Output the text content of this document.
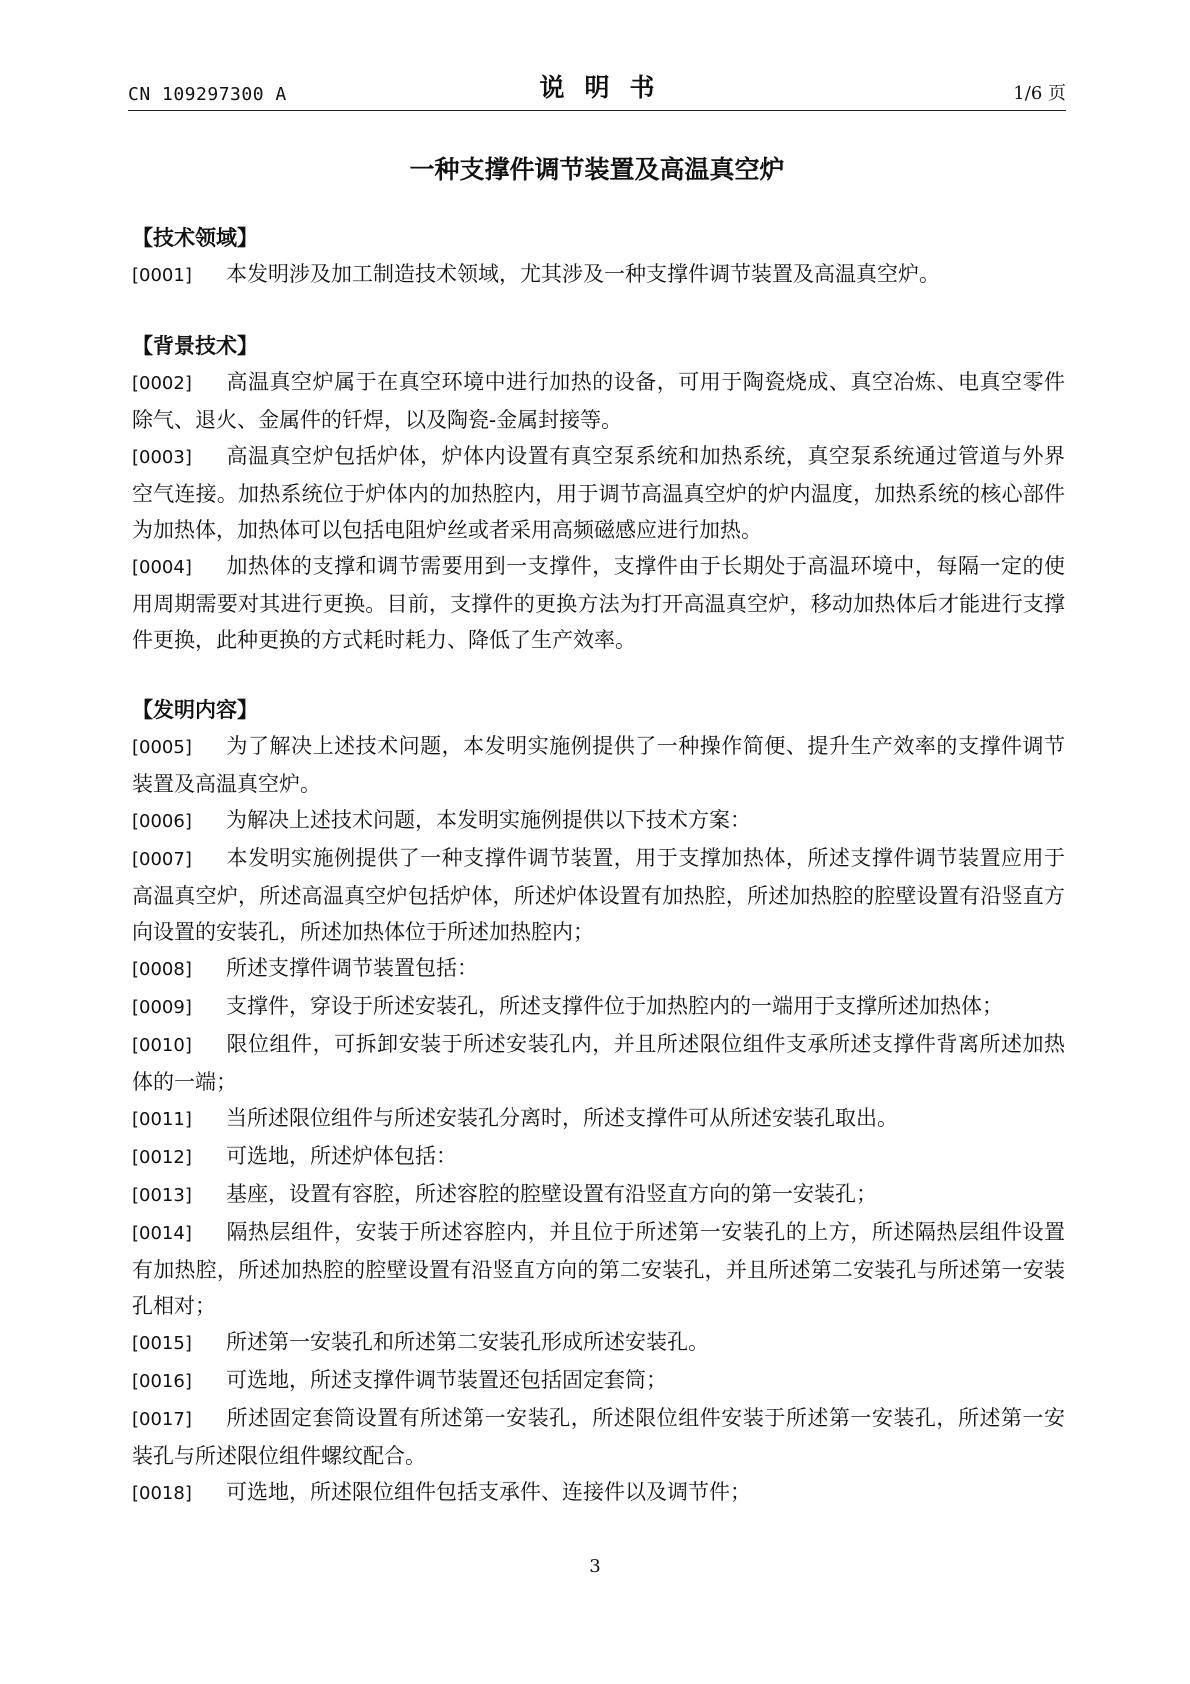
CN 109297300 A	说明书	1/6 页
一种支撑件调节装置及高温真空炉
【技术领域】

[0001] 本发明涉及加工制造技术领域，尤其涉及一种支撑件调节装置及高温真空炉。

【背景技术】

[0002] 高温真空炉属于在真空环境中进行加热的设备，可用于陶瓷烧成、真空冶炼、电真空零件除气、退火、金属件的钎焊，以及陶瓷-金属封接等。

[0003] 高温真空炉包括炉体，炉体内设置有真空泵系统和加热系统，真空泵系统通过管道与外界空气连接。加热系统位于炉体内的加热腔内，用于调节高温真空炉的炉内温度，加热系统的核心部件为加热体，加热体可以包括电阻炉丝或者采用高频磁感应进行加热。

[0004] 加热体的支撑和调节需要用到一支撑件，支撑件由于长期处于高温环境中，每隔一定的使用周期需要对其进行更换。目前，支撑件的更换方法为打开高温真空炉，移动加热体后才能进行支撑件更换，此种更换的方式耗时耗力、降低了生产效率。

【发明内容】

[0005] 为了解决上述技术问题，本发明实施例提供了一种操作简便、提升生产效率的支撑件调节装置及高温真空炉。

[0006] 为解决上述技术问题，本发明实施例提供以下技术方案：

[0007] 本发明实施例提供了一种支撑件调节装置，用于支撑加热体，所述支撑件调节装置应用于高温真空炉，所述高温真空炉包括炉体，所述炉体设置有加热腔，所述加热腔的腔壁设置有沿竖直方向设置的安装孔，所述加热体位于所述加热腔内；

[0008] 所述支撑件调节装置包括：

[0009] 支撑件，穿设于所述安装孔，所述支撑件位于加热腔内的一端用于支撑所述加热体；

[0010] 限位组件，可拆卸安装于所述安装孔内，并且所述限位组件支承所述支撑件背离所述加热体的一端；

[0011] 当所述限位组件与所述安装孔分离时，所述支撑件可从所述安装孔取出。

[0012] 可选地，所述炉体包括：

[0013] 基座，设置有容腔，所述容腔的腔壁设置有沿竖直方向的第一安装孔；

[0014] 隔热层组件，安装于所述容腔内，并且位于所述第一安装孔的上方，所述隔热层组件设置有加热腔，所述加热腔的腔壁设置有沿竖直方向的第二安装孔，并且所述第二安装孔与所述第一安装孔相对；

[0015] 所述第一安装孔和所述第二安装孔形成所述安装孔。

[0016] 可选地，所述支撑件调节装置还包括固定套筒；

[0017] 所述固定套筒设置有所述第一安装孔，所述限位组件安装于所述第一安装孔，所述第一安装孔与所述限位组件螺纹配合。

[0018] 可选地，所述限位组件包括支承件、连接件以及调节件；

3
